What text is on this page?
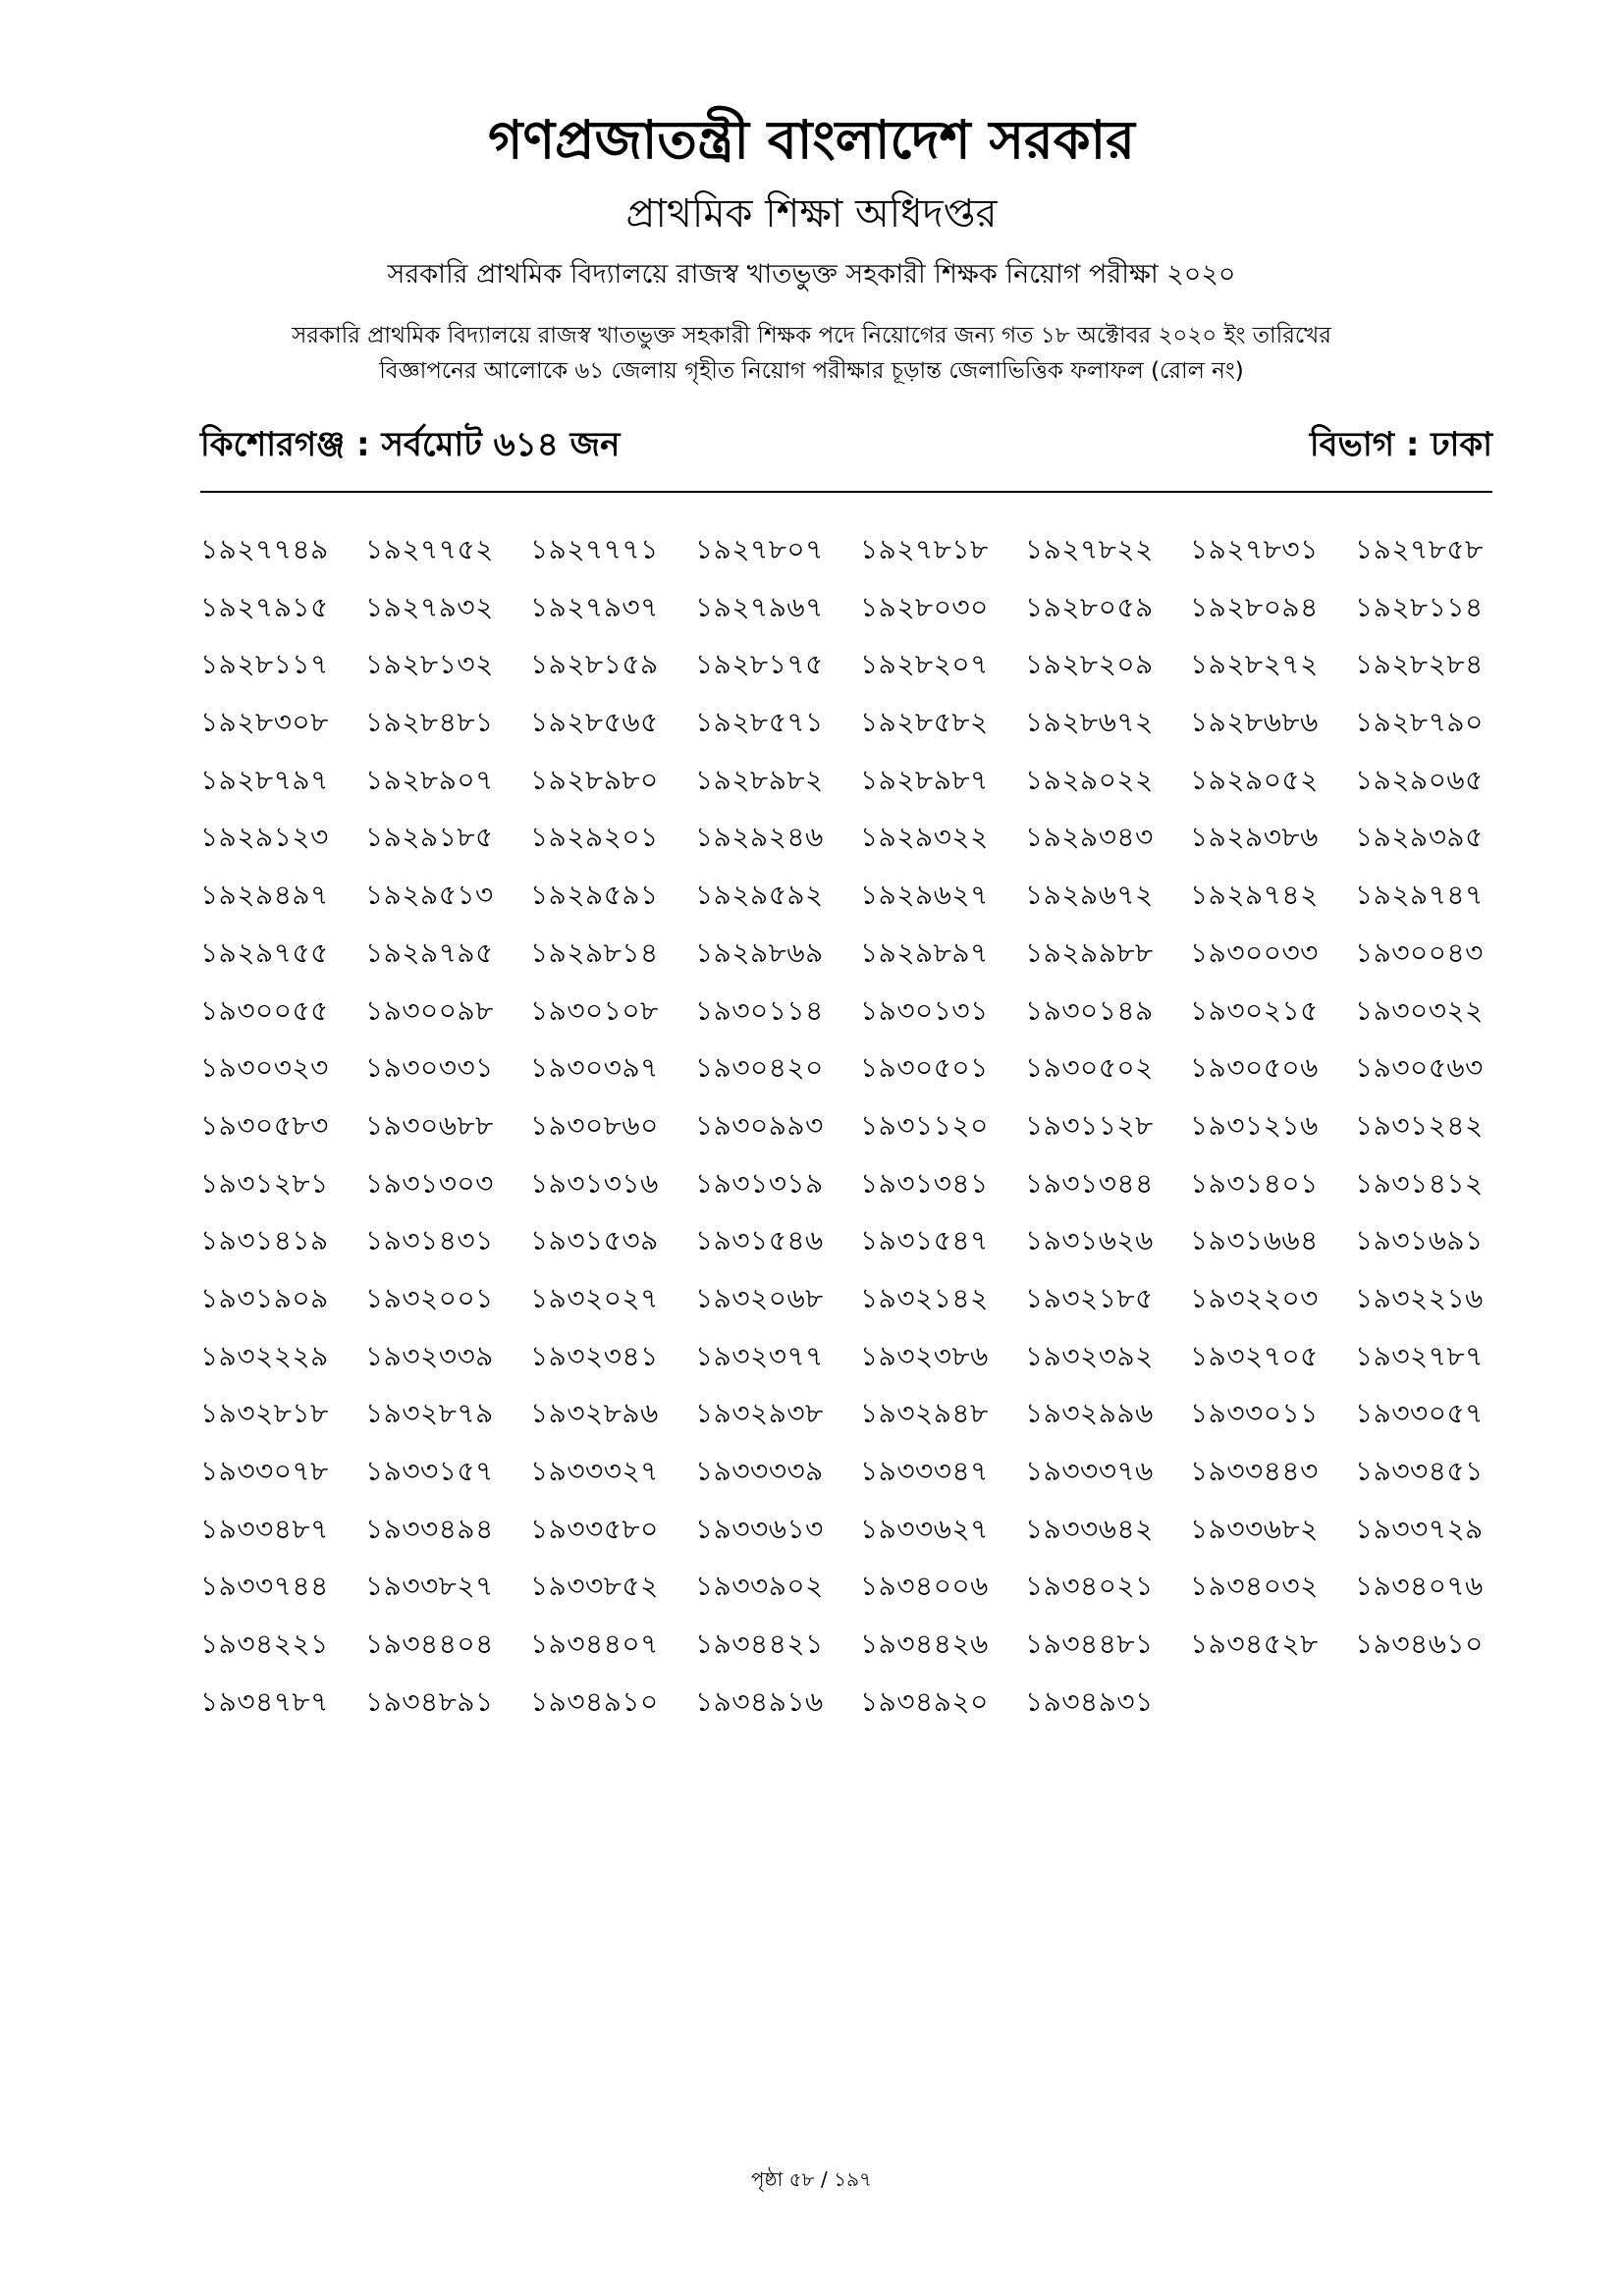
গণপ্রজাতন্ত্রী বাংলাদেশ সরকার
প্রাথমিক শিক্ষা অধিদপ্তর
সরকারি প্রাথমিক বিদ্যালয়ে রাজস্ব খাতভুক্ত সহকারী শিক্ষক নিয়োগ পরীক্ষা ২০২০
সরকারি প্রাথমিক বিদ্যালয়ে রাজস্ব খাতভুক্ত সহকারী শিক্ষক পদে নিয়োগের জন্য গত ১৮ অক্টোবর ২০২০ ইং তারিখের
বিজ্ঞাপনের আলোকে ৬১ জেলায় গৃহীত নিয়োগ পরীক্ষার চূড়ান্ত জেলাভিত্তিক ফলাফল (রোল নং)
কিশোরগঞ্জ : সর্বমোট ৬১৪ জন	বিভাগ : ঢাকা
১৯২৭৭৪৯	১৯২৭৭৫২	১৯২৭৭৭১	১৯২৭৮০৭	১৯২৭৮১৮	১৯২৭৮২২	১৯২৭৮৩১	১৯২৭৮৫৮
১৯২৭৯১৫	১৯২৭৯৩২	১৯২৭৯৩৭	১৯২৭৯৬৭	১৯২৮০৩০	১৯২৮০৫৯	১৯২৮০৯৪	১৯২৮১১৪
১৯২৮১১৭	১৯২৮১৩২	১৯২৮১৫৯	১৯২৮১৭৫	১৯২৮২০৭	১৯২৮২০৯	১৯২৮২৭২	১৯২৮২৮৪
১৯২৮৩০৮	১৯২৮৪৮১	১৯২৮৫৬৫	১৯২৮৫৭১	১৯২৮৫৮২	১৯২৮৬৭২	১৯২৮৬৮৬	১৯২৮৭৯০
১৯২৮৭৯৭	১৯২৮৯০৭	১৯২৮৯৮০	১৯২৮৯৮২	১৯২৮৯৮৭	১৯২৯০২২	১৯২৯০৫২	১৯২৯০৬৫
১৯২৯১২৩	১৯২৯১৮৫	১৯২৯২০১	১৯২৯২৪৬	১৯২৯৩২২	১৯২৯৩৪৩	১৯২৯৩৮৬	১৯২৯৩৯৫
১৯২৯৪৯৭	১৯২৯৫১৩	১৯২৯৫৯১	১৯২৯৫৯২	১৯২৯৬২৭	১৯২৯৬৭২	১৯২৯৭৪২	১৯২৯৭৪৭
১৯২৯৭৫৫	১৯২৯৭৯৫	১৯২৯৮১৪	১৯২৯৮৬৯	১৯২৯৮৯৭	১৯২৯৯৮৮	১৯৩০০৩৩	১৯৩০০৪৩
১৯৩০০৫৫	১৯৩০০৯৮	১৯৩০১০৮	১৯৩০১১৪	১৯৩০১৩১	১৯৩০১৪৯	১৯৩০২১৫	১৯৩০৩২২
১৯৩০৩২৩	১৯৩০৩৩১	১৯৩০৩৯৭	১৯৩০৪২০	১৯৩০৫০১	১৯৩০৫০২	১৯৩০৫০৬	১৯৩০৫৬৩
১৯৩০৫৮৩	১৯৩০৬৮৮	১৯৩০৮৬০	১৯৩০৯৯৩	১৯৩১১২০	১৯৩১১২৮	১৯৩১২১৬	১৯৩১২৪২
১৯৩১২৮১	১৯৩১৩০৩	১৯৩১৩১৬	১৯৩১৩১৯	১৯৩১৩৪১	১৯৩১৩৪৪	১৯৩১৪০১	১৯৩১৪১২
১৯৩১৪১৯	১৯৩১৪৩১	১৯৩১৫৩৯	১৯৩১৫৪৬	১৯৩১৫৪৭	১৯৩১৬২৬	১৯৩১৬৬৪	১৯৩১৬৯১
১৯৩১৯০৯	১৯৩২০০১	১৯৩২০২৭	১৯৩২০৬৮	১৯৩২১৪২	১৯৩২১৮৫	১৯৩২২০৩	১৯৩২২১৬
১৯৩২২২৯	১৯৩২৩৩৯	১৯৩২৩৪১	১৯৩২৩৭৭	১৯৩২৩৮৬	১৯৩২৩৯২	১৯৩২৭০৫	১৯৩২৭৮৭
১৯৩২৮১৮	১৯৩২৮৭৯	১৯৩২৮৯৬	১৯৩২৯৩৮	১৯৩২৯৪৮	১৯৩২৯৯৬	১৯৩৩০১১	১৯৩৩০৫৭
১৯৩৩০৭৮	১৯৩৩১৫৭	১৯৩৩৩২৭	১৯৩৩৩৩৯	১৯৩৩৩৪৭	১৯৩৩৩৭৬	১৯৩৩৪৪৩	১৯৩৩৪৫১
১৯৩৩৪৮৭	১৯৩৩৪৯৪	১৯৩৩৫৮০	১৯৩৩৬১৩	১৯৩৩৬২৭	১৯৩৩৬৪২	১৯৩৩৬৮২	১৯৩৩৭২৯
১৯৩৩৭৪৪	১৯৩৩৮২৭	১৯৩৩৮৫২	১৯৩৩৯০২	১৯৩৪০০৬	১৯৩৪০২১	১৯৩৪০৩২	১৯৩৪০৭৬
১৯৩৪২২১	১৯৩৪৪০৪	১৯৩৪৪০৭	১৯৩৪৪২১	১৯৩৪৪২৬	১৯৩৪৪৮১	১৯৩৪৫২৮	১৯৩৪৬১০
১৯৩৪৭৮৭	১৯৩৪৮৯১	১৯৩৪৯১০	১৯৩৪৯১৬	১৯৩৪৯২০	১৯৩৪৯৩১
পৃষ্ঠা ৫৮ / ১৯৭
